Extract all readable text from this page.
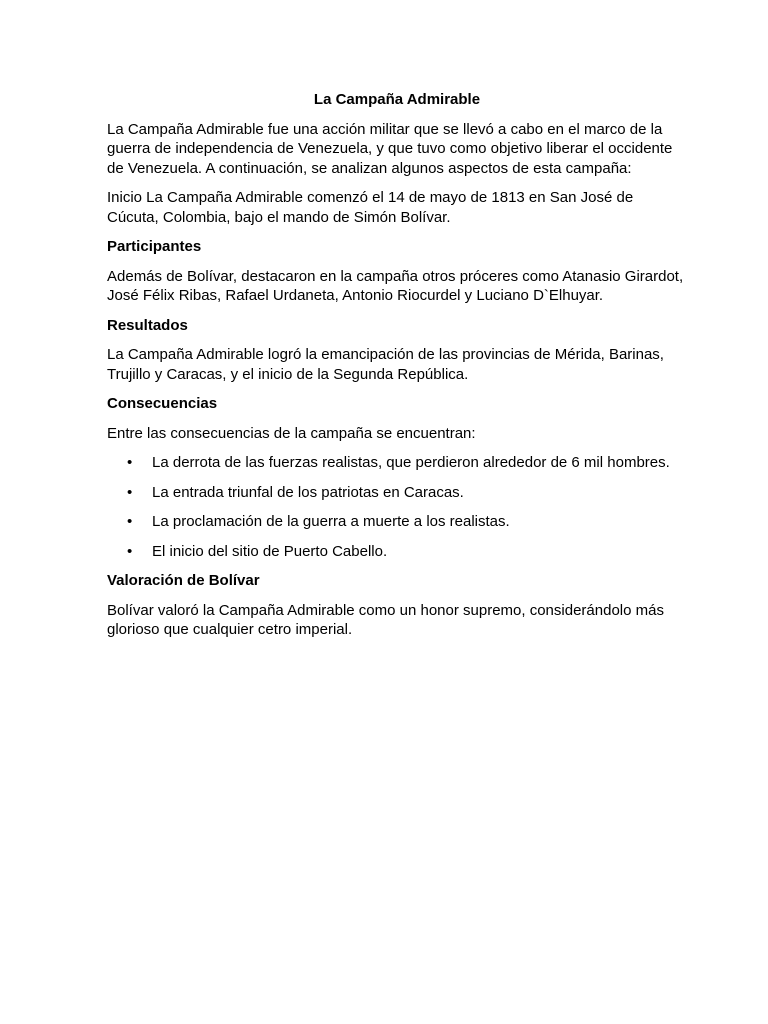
La Campaña Admirable

La Campaña Admirable fue una acción militar que se llevó a cabo en el marco de la guerra de independencia de Venezuela, y que tuvo como objetivo liberar el occidente de Venezuela. A continuación, se analizan algunos aspectos de esta campaña:

Inicio La Campaña Admirable comenzó el 14 de mayo de 1813 en San José de Cúcuta, Colombia, bajo el mando de Simón Bolívar.

Participantes

Además de Bolívar, destacaron en la campaña otros próceres como Atanasio Girardot, José Félix Ribas, Rafael Urdaneta, Antonio Riocurdel y Luciano D`Elhuyar.

Resultados

La Campaña Admirable logró la emancipación de las provincias de Mérida, Barinas, Trujillo y Caracas, y el inicio de la Segunda República.

Consecuencias

Entre las consecuencias de la campaña se encuentran:

• La derrota de las fuerzas realistas, que perdieron alrededor de 6 mil hombres.
• La entrada triunfal de los patriotas en Caracas.
• La proclamación de la guerra a muerte a los realistas.
• El inicio del sitio de Puerto Cabello.
Valoración de Bolívar

Bolívar valoró la Campaña Admirable como un honor supremo, considerándolo más glorioso que cualquier cetro imperial.
